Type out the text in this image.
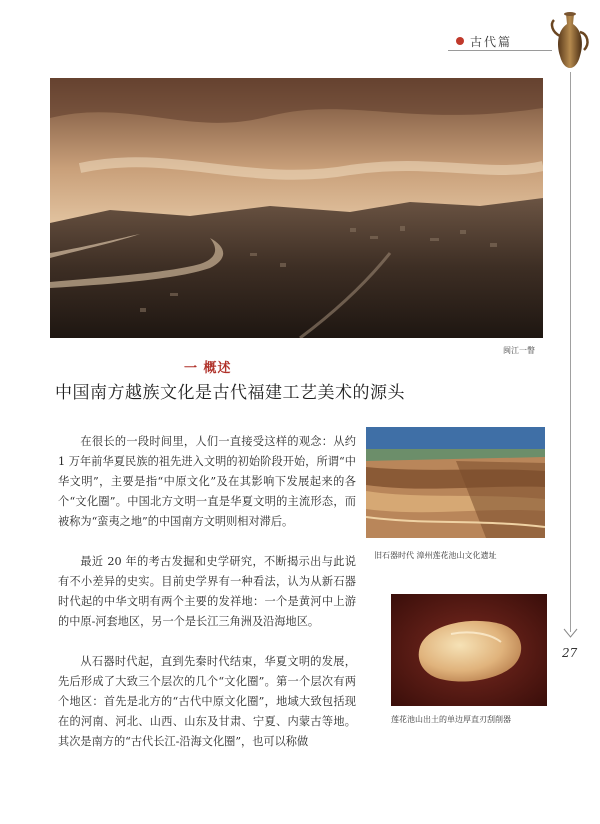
古代篇
27
闽江一瞥
一 概述
中国南方越族文化是古代福建工艺美术的源头

在很长的一段时间里，人们一直接受这样的观念：从约 1 万年前华夏民族的祖先进入文明的初始阶段开始，所谓“中华文明”，主要是指“中原文化”及在其影响下发展起来的各个“文化圈”。中国北方文明一直是华夏文明的主流形态，而被称为“蛮夷之地”的中国南方文明则相对滞后。

最近 20 年的考古发掘和史学研究，不断揭示出与此说有不小差异的史实。目前史学界有一种看法，认为从新石器时代起的中华文明有两个主要的发祥地：一个是黄河中上游的中原-河套地区，另一个是长江三角洲及沿海地区。

从石器时代起，直到先秦时代结束，华夏文明的发展，先后形成了大致三个层次的几个“文化圈”。第一个层次有两个地区：首先是北方的“古代中原文化圈”，地域大致包括现在的河南、河北、山西、山东及甘肃、宁夏、内蒙古等地。其次是南方的“古代长江-沿海文化圈”，也可以称做

旧石器时代 漳州莲花池山文化遗址
莲花池山出土的单边厚直刃刮削器
